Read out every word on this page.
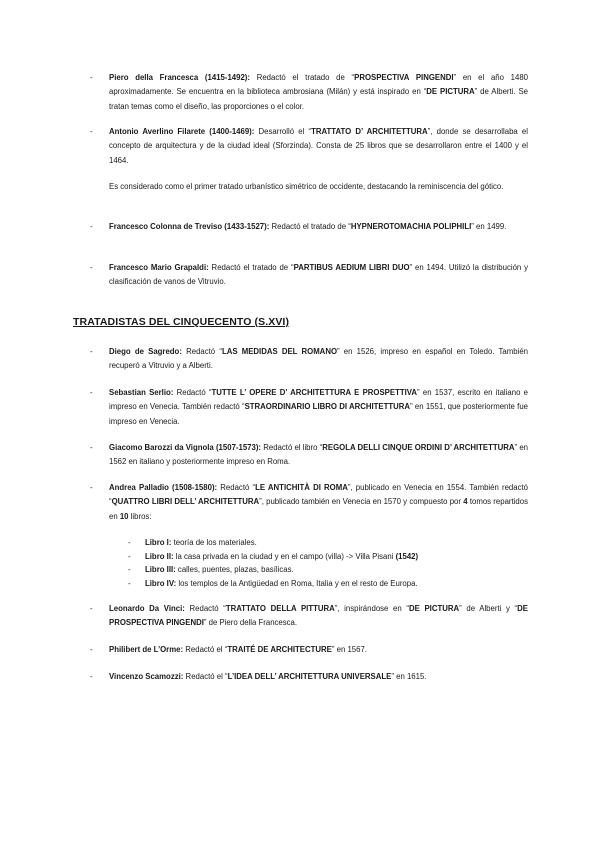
- Piero della Francesca (1415-1492): Redactó el tratado de “PROSPECTIVA PINGENDI” en el año 1480 aproximadamente. Se encuentra en la biblioteca ambrosiana (Milán) y está inspirado en “DE PICTURA” de Alberti. Se tratan temas como el diseño, las proporciones o el color.
- Antonio Averlino Filarete (1400-1469): Desarrolló el “TRATTATO D’ ARCHITETTURA”, donde se desarrollaba el concepto de arquitectura y de la ciudad ideal (Sforzinda). Consta de 25 libros que se desarrollaron entre el 1400 y el 1464.
Es considerado como el primer tratado urbanístico simétrico de occidente, destacando la reminiscencia del gótico.
- Francesco Colonna de Treviso (1433-1527): Redactó el tratado de “HYPNEROTOMACHIA POLIPHILI” en 1499.
- Francesco Mario Grapaldi: Redactó el tratado de “PARTIBUS AEDIUM LIBRI DUO” en 1494. Utilizó la distribución y clasificación de vanos de Vitruvio.
TRATADISTAS DEL CINQUECENTO (S.XVI)
- Diego de Sagredo: Redactó “LAS MEDIDAS DEL ROMANO” en 1526, impreso en español en Toledo. También recuperó a Vitruvio y a Alberti.
- Sebastian Serlio: Redactó “TUTTE L’ OPERE D’ ARCHITETTURA E PROSPETTIVA” en 1537, escrito en italiano e impreso en Venecia. También redactó “STRAORDINARIO LIBRO DI ARCHITETTURA” en 1551, que posteriormente fue impreso en Venecia.
- Giacomo Barozzi da Vignola (1507-1573): Redactó el libro “REGOLA DELLI CINQUE ORDINI D’ ARCHITETTURA” en 1562 en italiano y posteriormente impreso en Roma.
- Andrea Palladio (1508-1580): Redactó “LE ANTICHITÀ DI ROMA”, publicado en Venecia en 1554. También redactó “QUATTRO LIBRI DELL’ ARCHITETTURA”, publicado también en Venecia en 1570 y compuesto por 4 tomos repartidos en 10 libros:
- Libro I: teoría de los materiales.
- Libro II: la casa privada en la ciudad y en el campo (villa) -> Villa Pisani (1542)
- Libro III: calles, puentes, plazas, basílicas.
- Libro IV: los templos de la Antigüedad en Roma, Italia y en el resto de Europa.
- Leonardo Da Vinci: Redactó “TRATTATO DELLA PITTURA”, inspirándose en “DE PICTURA” de Alberti y “DE PROSPECTIVA PINGENDI” de Piero della Francesca.
- Philibert de L’Orme: Redactó el “TRAITÉ DE ARCHITECTURE” en 1567.
- Vincenzo Scamozzi: Redactó el “L’IDEA DELL’ ARCHITETTURA UNIVERSALE” en 1615.
